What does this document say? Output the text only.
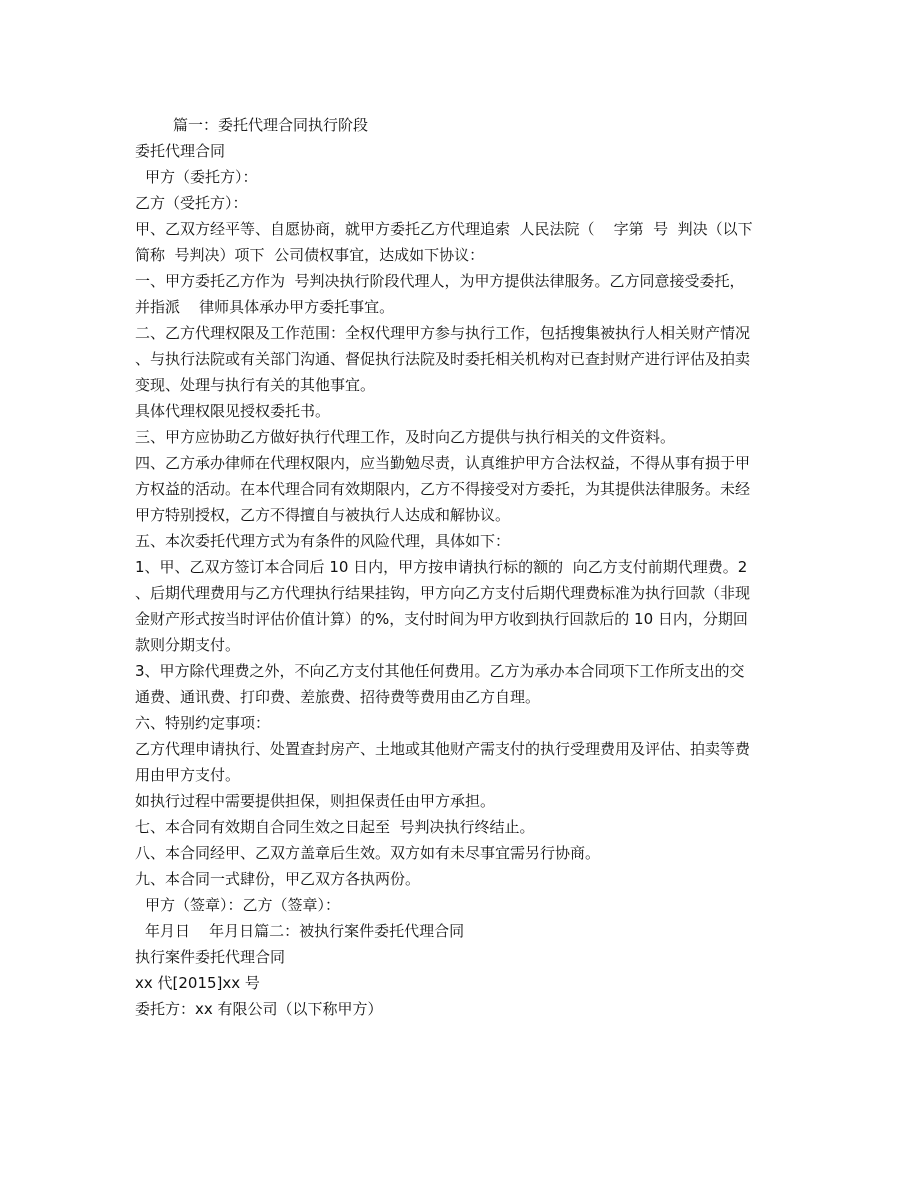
篇一：委托代理合同执行阶段
委托代理合同
甲方（委托方）：
乙方（受托方）：
甲、乙双方经平等、自愿协商，就甲方委托乙方代理追索  人民法院（    字第  号  判决（以下
简称  号判决）项下  公司债权事宜，达成如下协议：
一、甲方委托乙方作为  号判决执行阶段代理人，为甲方提供法律服务。乙方同意接受委托，
并指派    律师具体承办甲方委托事宜。
二、乙方代理权限及工作范围：全权代理甲方参与执行工作，包括搜集被执行人相关财产情况
、与执行法院或有关部门沟通、督促执行法院及时委托相关机构对已查封财产进行评估及拍卖
变现、处理与执行有关的其他事宜。
具体代理权限见授权委托书。
三、甲方应协助乙方做好执行代理工作，及时向乙方提供与执行相关的文件资料。
四、乙方承办律师在代理权限内，应当勤勉尽责，认真维护甲方合法权益，不得从事有损于甲
方权益的活动。在本代理合同有效期限内，乙方不得接受对方委托，为其提供法律服务。未经
甲方特别授权，乙方不得擅自与被执行人达成和解协议。
五、本次委托代理方式为有条件的风险代理，具体如下：
1、甲、乙双方签订本合同后 10 日内，甲方按申请执行标的额的  向乙方支付前期代理费。2
、后期代理费用与乙方代理执行结果挂钩，甲方向乙方支付后期代理费标准为执行回款（非现
金财产形式按当时评估价值计算）的%，支付时间为甲方收到执行回款后的 10 日内，分期回
款则分期支付。
3、甲方除代理费之外，不向乙方支付其他任何费用。乙方为承办本合同项下工作所支出的交
通费、通讯费、打印费、差旅费、招待费等费用由乙方自理。
六、特别约定事项：
乙方代理申请执行、处置查封房产、土地或其他财产需支付的执行受理费用及评估、拍卖等费
用由甲方支付。
如执行过程中需要提供担保，则担保责任由甲方承担。
七、本合同有效期自合同生效之日起至  号判决执行终结止。
八、本合同经甲、乙双方盖章后生效。双方如有未尽事宜需另行协商。
九、本合同一式肆份，甲乙双方各执两份。
甲方（签章）：乙方（签章）：
年月日    年月日篇二：被执行案件委托代理合同
执行案件委托代理合同
xx 代[2015]xx 号
委托方：xx 有限公司（以下称甲方）
